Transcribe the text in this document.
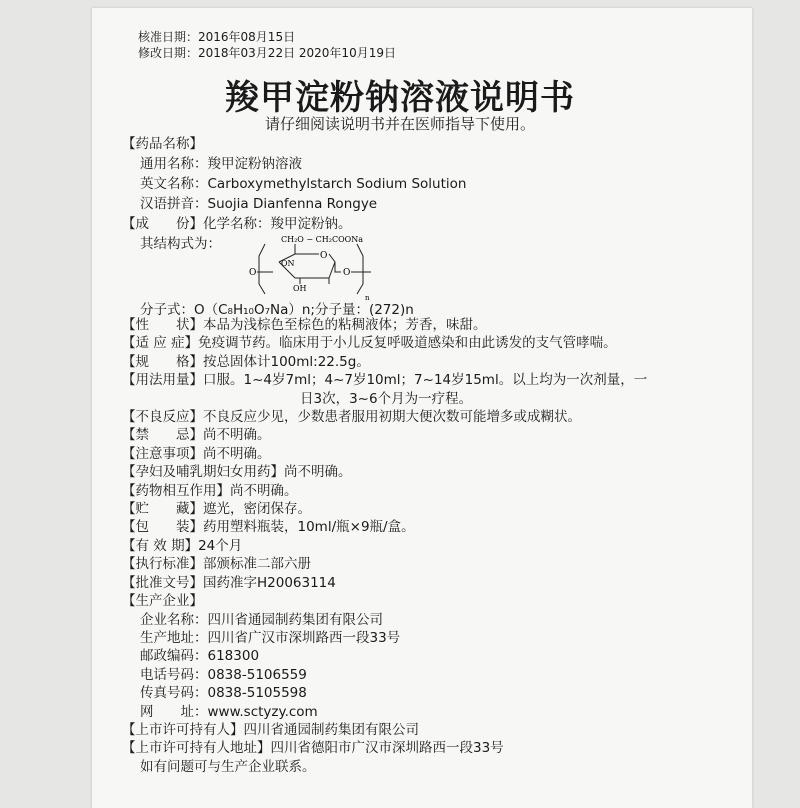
核准日期：2016年08月15日
修改日期：2018年03月22日 2020年10月19日
羧甲淀粉钠溶液说明书
请仔细阅读说明书并在医师指导下使用。
【药品名称】
通用名称：羧甲淀粉钠溶液
英文名称：Carboxymethylstarch Sodium Solution
汉语拼音：Suojia Dianfenna Rongye
【成　　份】化学名称：羧甲淀粉钠。
其结构式为：	CH₂O − CH₂COONa
O	O
O
ON
OH
n
分子式：O（C₈H₁₀O₇Na）n;分子量：(272)n
【性　　状】本品为浅棕色至棕色的粘稠液体；芳香，味甜。
【适 应 症】免疫调节药。临床用于小儿反复呼吸道感染和由此诱发的支气管哮喘。
【规　　格】按总固体计100ml:22.5g。
【用法用量】口服。1~4岁7ml；4~7岁10ml；7~14岁15ml。以上均为一次剂量，一
日3次，3~6个月为一疗程。
【不良反应】不良反应少见，少数患者服用初期大便次数可能增多或成糊状。
【禁　　忌】尚不明确。
【注意事项】尚不明确。
【孕妇及哺乳期妇女用药】尚不明确。
【药物相互作用】尚不明确。
【贮　　藏】遮光，密闭保存。
【包　　装】药用塑料瓶装，10ml/瓶×9瓶/盒。
【有 效 期】24个月
【执行标准】部颁标准二部六册
【批准文号】国药准字H20063114
【生产企业】
企业名称：四川省通园制药集团有限公司
生产地址：四川省广汉市深圳路西一段33号
邮政编码：618300
电话号码：0838-5106559
传真号码：0838-5105598
网　　址：www.sctyzy.com
【上市许可持有人】四川省通园制药集团有限公司
【上市许可持有人地址】四川省德阳市广汉市深圳路西一段33号
如有问题可与生产企业联系。
